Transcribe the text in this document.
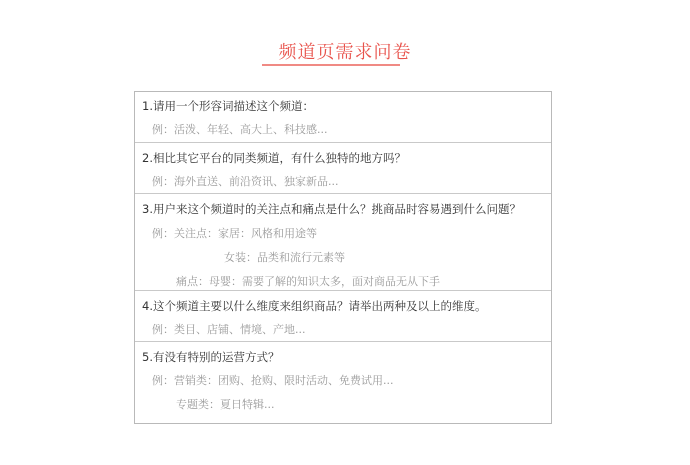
频道页需求问卷
1.请用一个形容词描述这个频道：
例：活泼、年轻、高大上、科技感...
2.相比其它平台的同类频道，有什么独特的地方吗？
例：海外直送、前沿资讯、独家新品...
3.用户来这个频道时的关注点和痛点是什么？挑商品时容易遇到什么问题？
例：关注点：家居：风格和用途等
女装：品类和流行元素等
痛点：母婴：需要了解的知识太多，面对商品无从下手
4.这个频道主要以什么维度来组织商品？请举出两种及以上的维度。
例：类目、店铺、情境、产地...
5.有没有特别的运营方式？
例：营销类：团购、抢购、限时活动、免费试用...
专题类：夏日特辑...
